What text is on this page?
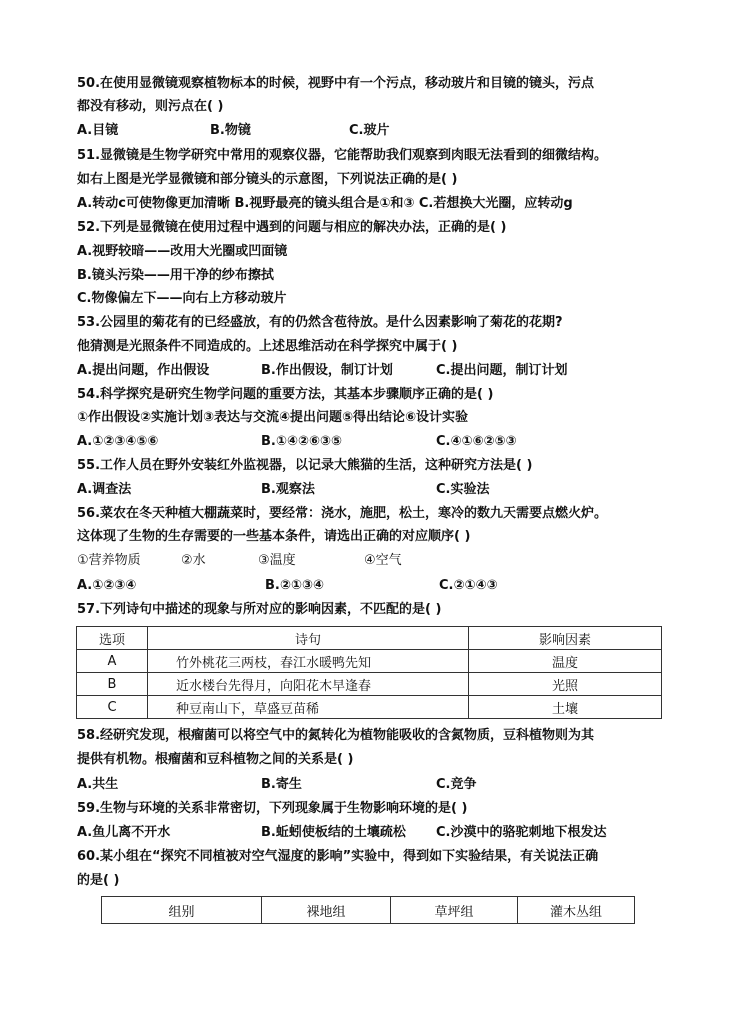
50.在使用显微镜观察植物标本的时候，视野中有一个污点，移动玻片和目镜的镜头，污点
都没有移动，则污点在( )
A.目镜	B.物镜	C.玻片
51.显微镜是生物学研究中常用的观察仪器，它能帮助我们观察到肉眼无法看到的细微结构。
如右上图是光学显微镜和部分镜头的示意图，下列说法正确的是( )
A.转动c可使物像更加清晰 B.视野最亮的镜头组合是①和③ C.若想换大光圈，应转动g
52.下列是显微镜在使用过程中遇到的问题与相应的解决办法，正确的是( )
A.视野较暗——改用大光圈或凹面镜
B.镜头污染——用干净的纱布擦拭
C.物像偏左下——向右上方移动玻片
53.公园里的菊花有的已经盛放，有的仍然含苞待放。是什么因素影响了菊花的花期?
他猜测是光照条件不同造成的。上述思维活动在科学探究中属于( )
A.提出问题，作出假设	B.作出假设，制订计划	C.提出问题，制订计划
54.科学探究是研究生物学问题的重要方法，其基本步骤顺序正确的是( )
①作出假设②实施计划③表达与交流④提出问题⑤得出结论⑥设计实验
A.①②③④⑤⑥	B.①④②⑥③⑤	C.④①⑥②⑤③
55.工作人员在野外安装红外监视器，以记录大熊猫的生活，这种研究方法是( )
A.调查法	B.观察法	C.实验法
56.菜农在冬天种植大棚蔬菜时，要经常：浇水，施肥，松土，寒冷的数九天需要点燃火炉。
这体现了生物的生存需要的一些基本条件，请选出正确的对应顺序( )
①营养物质	②水	③温度	④空气
A.①②③④	B.②①③④	C.②①④③
57.下列诗句中描述的现象与所对应的影响因素，不匹配的是( )
选项	诗句	影响因素
A	竹外桃花三两枝，春江水暖鸭先知	温度
B	近水楼台先得月，向阳花木早逢春	光照
C	种豆南山下，草盛豆苗稀	土壤
58.经研究发现，根瘤菌可以将空气中的氮转化为植物能吸收的含氮物质，豆科植物则为其
提供有机物。根瘤菌和豆科植物之间的关系是( )
A.共生	B.寄生	C.竞争
59.生物与环境的关系非常密切，下列现象属于生物影响环境的是( )
A.鱼儿离不开水	B.蚯蚓使板结的土壤疏松 C.沙漠中的骆驼刺地下根发达
60.某小组在“探究不同植被对空气湿度的影响”实验中，得到如下实验结果，有关说法正确
的是( )
组别	裸地组	草坪组	灌木丛组
